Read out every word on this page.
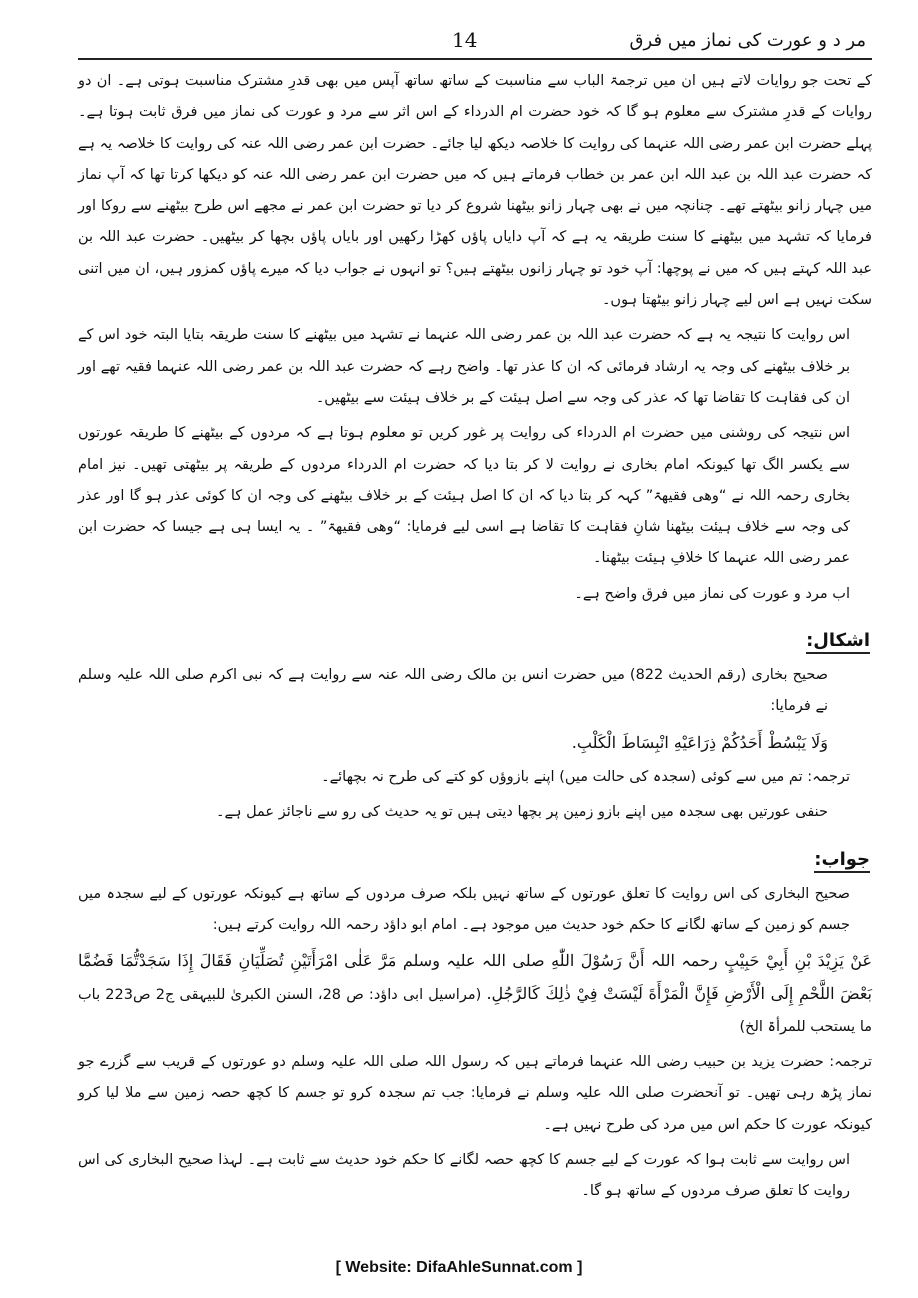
مر د و عورت کی نماز میں فرق
14

کے تحت جو روایات لاتے ہیں ان میں ترجمۃ الباب سے مناسبت کے ساتھ ساتھ آپس میں بھی قدرِ مشترک مناسبت ہوتی ہے۔ ان دو روایات کے قدرِ مشترک سے معلوم ہو گا کہ خود حضرت ام الدرداء کے اس اثر سے مرد و عورت کی نماز میں فرق ثابت ہوتا ہے۔ پہلے حضرت ابن عمر رضی اللہ عنہما کی روایت کا خلاصہ دیکھ لیا جائے۔ حضرت ابن عمر رضی اللہ عنہ کی روایت کا خلاصہ یہ ہے کہ حضرت عبد اللہ بن عبد اللہ ابن عمر بن خطاب فرماتے ہیں کہ میں حضرت ابن عمر رضی اللہ عنہ کو دیکھا کرتا تھا کہ آپ نماز میں چہار زانو بیٹھتے تھے۔ چنانچہ میں نے بھی چہار زانو بیٹھنا شروع کر دیا تو حضرت ابن عمر نے مجھے اس طرح بیٹھنے سے روکا اور فرمایا کہ تشہد میں بیٹھنے کا سنت طریقہ یہ ہے کہ آپ دایاں پاؤں کھڑا رکھیں اور بایاں پاؤں بچھا کر بیٹھیں۔ حضرت عبد اللہ بن عبد اللہ کہتے ہیں کہ میں نے پوچھا: آپ خود تو چہار زانوں بیٹھتے ہیں؟ تو انہوں نے جواب دیا کہ میرے پاؤں کمزور ہیں، ان میں اتنی سکت نہیں ہے اس لیے چہار زانو بیٹھتا ہوں۔

اس روایت کا نتیجہ یہ ہے کہ حضرت عبد اللہ بن عمر رضی اللہ عنہما نے تشہد میں بیٹھنے کا سنت طریقہ بتایا البتہ خود اس کے بر خلاف بیٹھنے کی وجہ یہ ارشاد فرمائی کہ ان کا عذر تھا۔ واضح رہے کہ حضرت عبد اللہ بن عمر رضی اللہ عنہما فقیہ تھے اور ان کی فقاہت کا تقاضا تھا کہ عذر کی وجہ سے اصل ہیئت کے بر خلاف ہیئت سے بیٹھیں۔

اس نتیجہ کی روشنی میں حضرت ام الدرداء کی روایت پر غور کریں تو معلوم ہوتا ہے کہ مردوں کے بیٹھنے کا طریقہ عورتوں سے یکسر الگ تھا کیونکہ امام بخاری نے روایت لا کر بتا دیا کہ حضرت ام الدرداء مردوں کے طریقہ پر بیٹھتی تھیں۔ نیز امام بخاری رحمہ اللہ نے “وھی فقیھۃ” کہہ کر بتا دیا کہ ان کا اصل ہیئت کے بر خلاف بیٹھنے کی وجہ ان کا کوئی عذر ہو گا اور عذر کی وجہ سے خلاف ہیئت بیٹھنا شانِ فقاہت کا تقاضا ہے اسی لیے فرمایا: “وھی فقیھۃ” ۔ یہ ایسا ہی ہے جیسا کہ حضرت ابن عمر رضی اللہ عنہما کا خلافِ ہیئت بیٹھنا۔

اب مرد و عورت کی نماز میں فرق واضح ہے۔

اشکال:

صحیح بخاری (رقم الحدیث 822) میں حضرت انس بن مالک رضی اللہ عنہ سے روایت ہے کہ نبی اکرم صلی اللہ علیہ وسلم نے فرمایا:

وَلَا يَبْسُطْ أَحَدُكُمْ ذِرَاعَيْهِ انْبِسَاطَ الْكَلْبِ.

ترجمہ: تم میں سے کوئی (سجدہ کی حالت میں) اپنے بازوؤں کو کتے کی طرح نہ بچھائے۔

حنفی عورتیں بھی سجدہ میں اپنے بازو زمین پر بچھا دیتی ہیں تو یہ حدیث کی رو سے ناجائز عمل ہے۔

جواب:

صحیح البخاری کی اس روایت کا تعلق عورتوں کے ساتھ نہیں بلکہ صرف مردوں کے ساتھ ہے کیونکہ عورتوں کے لیے سجدہ میں جسم کو زمین کے ساتھ لگانے کا حکم خود حدیث میں موجود ہے۔ امام ابو داؤد رحمہ اللہ روایت کرتے ہیں:

عَنْ يَزِيْدَ بْنِ أَبِيْ حَبِيْبٍ رحمہ اللہ أَنَّ رَسُوْلَ اللّٰهِ صلی اللہ علیہ وسلم مَرَّ عَلٰى امْرَأَتَيْنِ تُصَلِّيَانِ فَقَالَ إِذَا سَجَدْتُّمَا فَضُمَّا بَعْضَ اللَّحْمِ إِلَى الْأَرْضِ فَإِنَّ الْمَرْأَةَ لَيْسَتْ فِيْ ذٰلِكَ كَالرَّجُلِ. (مراسیل ابی داؤد: ص 28، السنن الکبریٰ للبیہقی ج2 ص223 باب ما یستحب للمرأۃ الخ)

ترجمہ: حضرت یزید بن حبیب رضی اللہ عنہما فرماتے ہیں کہ رسول اللہ صلی اللہ علیہ وسلم دو عورتوں کے قریب سے گزرے جو نماز پڑھ رہی تھیں۔ تو آنحضرت صلی اللہ علیہ وسلم نے فرمایا: جب تم سجدہ کرو تو جسم کا کچھ حصہ زمین سے ملا لیا کرو کیونکہ عورت کا حکم اس میں مرد کی طرح نہیں ہے۔

اس روایت سے ثابت ہوا کہ عورت کے لیے جسم کا کچھ حصہ لگانے کا حکم خود حدیث سے ثابت ہے۔ لہذا صحیح البخاری کی اس روایت کا تعلق صرف مردوں کے ساتھ ہو گا۔

[ Website: DifaAhleSunnat.com ]
